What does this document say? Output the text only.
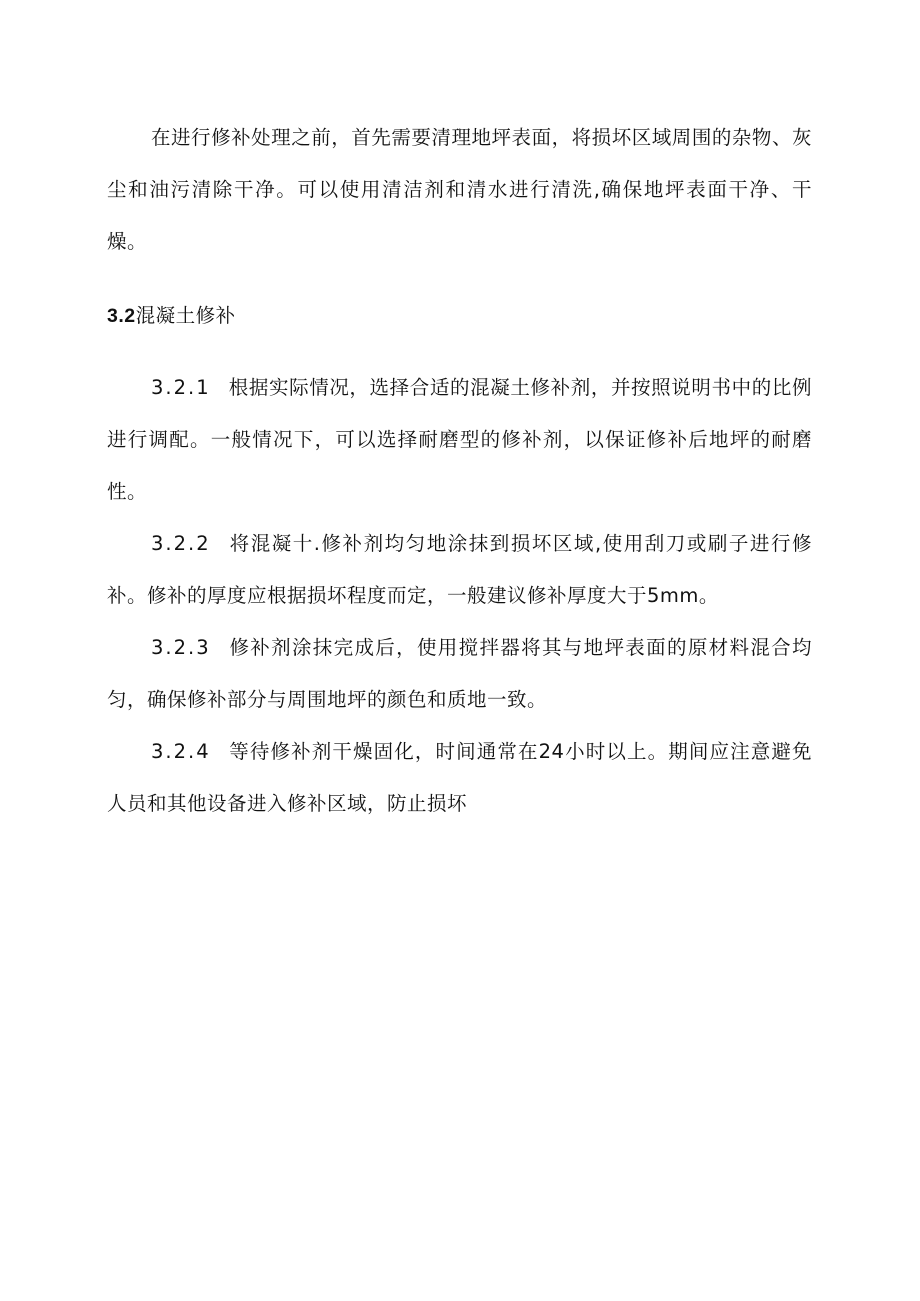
在进行修补处理之前，首先需要清理地坪表面，将损坏区域周围的杂物、灰尘和油污清除干净。可以使用清洁剂和清水进行清洗,确保地坪表面干净、干燥。

3.2混凝土修补

3.2.1 根据实际情况，选择合适的混凝土修补剂，并按照说明书中的比例进行调配。一般情况下，可以选择耐磨型的修补剂，以保证修补后地坪的耐磨性。

3.2.2 将混凝十.修补剂均匀地涂抹到损坏区域,使用刮刀或刷子进行修补。修补的厚度应根据损坏程度而定，一般建议修补厚度大于5mm。

3.2.3 修补剂涂抹完成后，使用搅拌器将其与地坪表面的原材料混合均匀，确保修补部分与周围地坪的颜色和质地一致。

3.2.4 等待修补剂干燥固化，时间通常在24小时以上。期间应注意避免人员和其他设备进入修补区域，防止损坏
